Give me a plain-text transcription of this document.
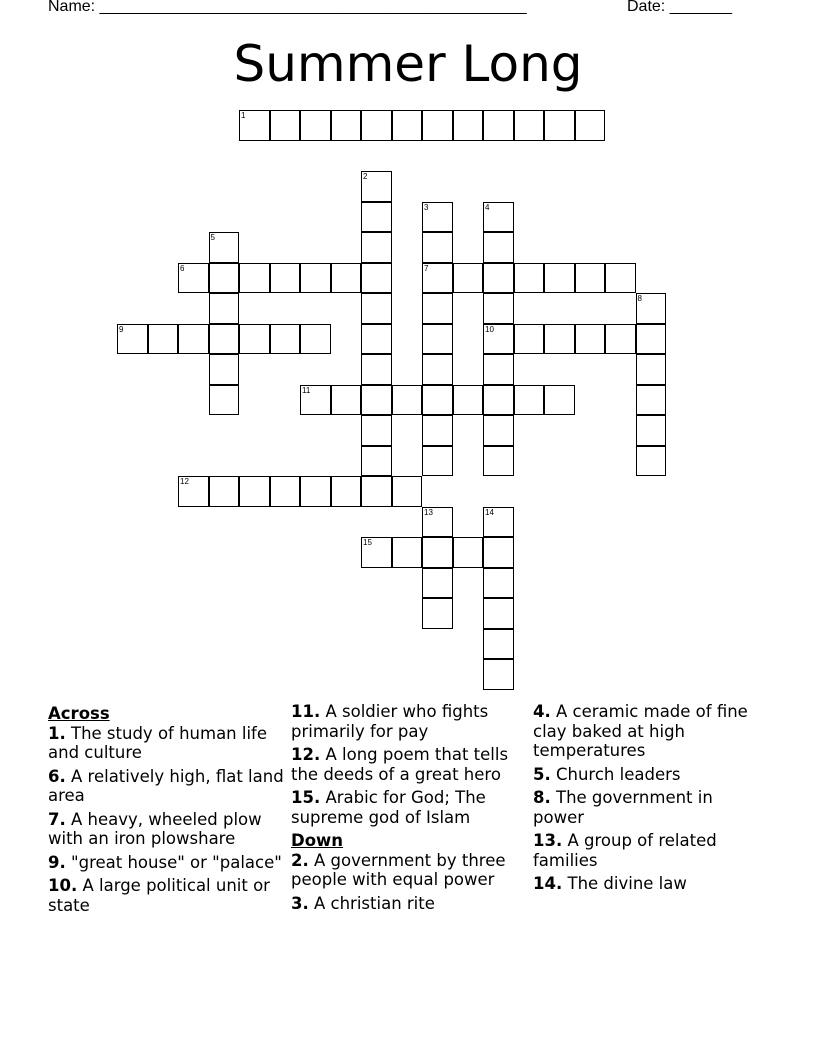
Name: ________________________________________________	Date: _______
Summer Long
1
2
3
7
4
10
5
6
8
9
11
12
13	14
15
Across
1. The study of human life and culture
6. A relatively high, flat land area
7. A heavy, wheeled plow with an iron plowshare
9. "great house" or "palace"
10. A large political unit or state
11. A soldier who fights primarily for pay
12. A long poem that tells the deeds of a great hero
15. Arabic for God; The supreme god of Islam
Down
2. A government by three people with equal power
3. A christian rite
4. A ceramic made of fine clay baked at high temperatures
5. Church leaders
8. The government in power
13. A group of related families
14. The divine law
